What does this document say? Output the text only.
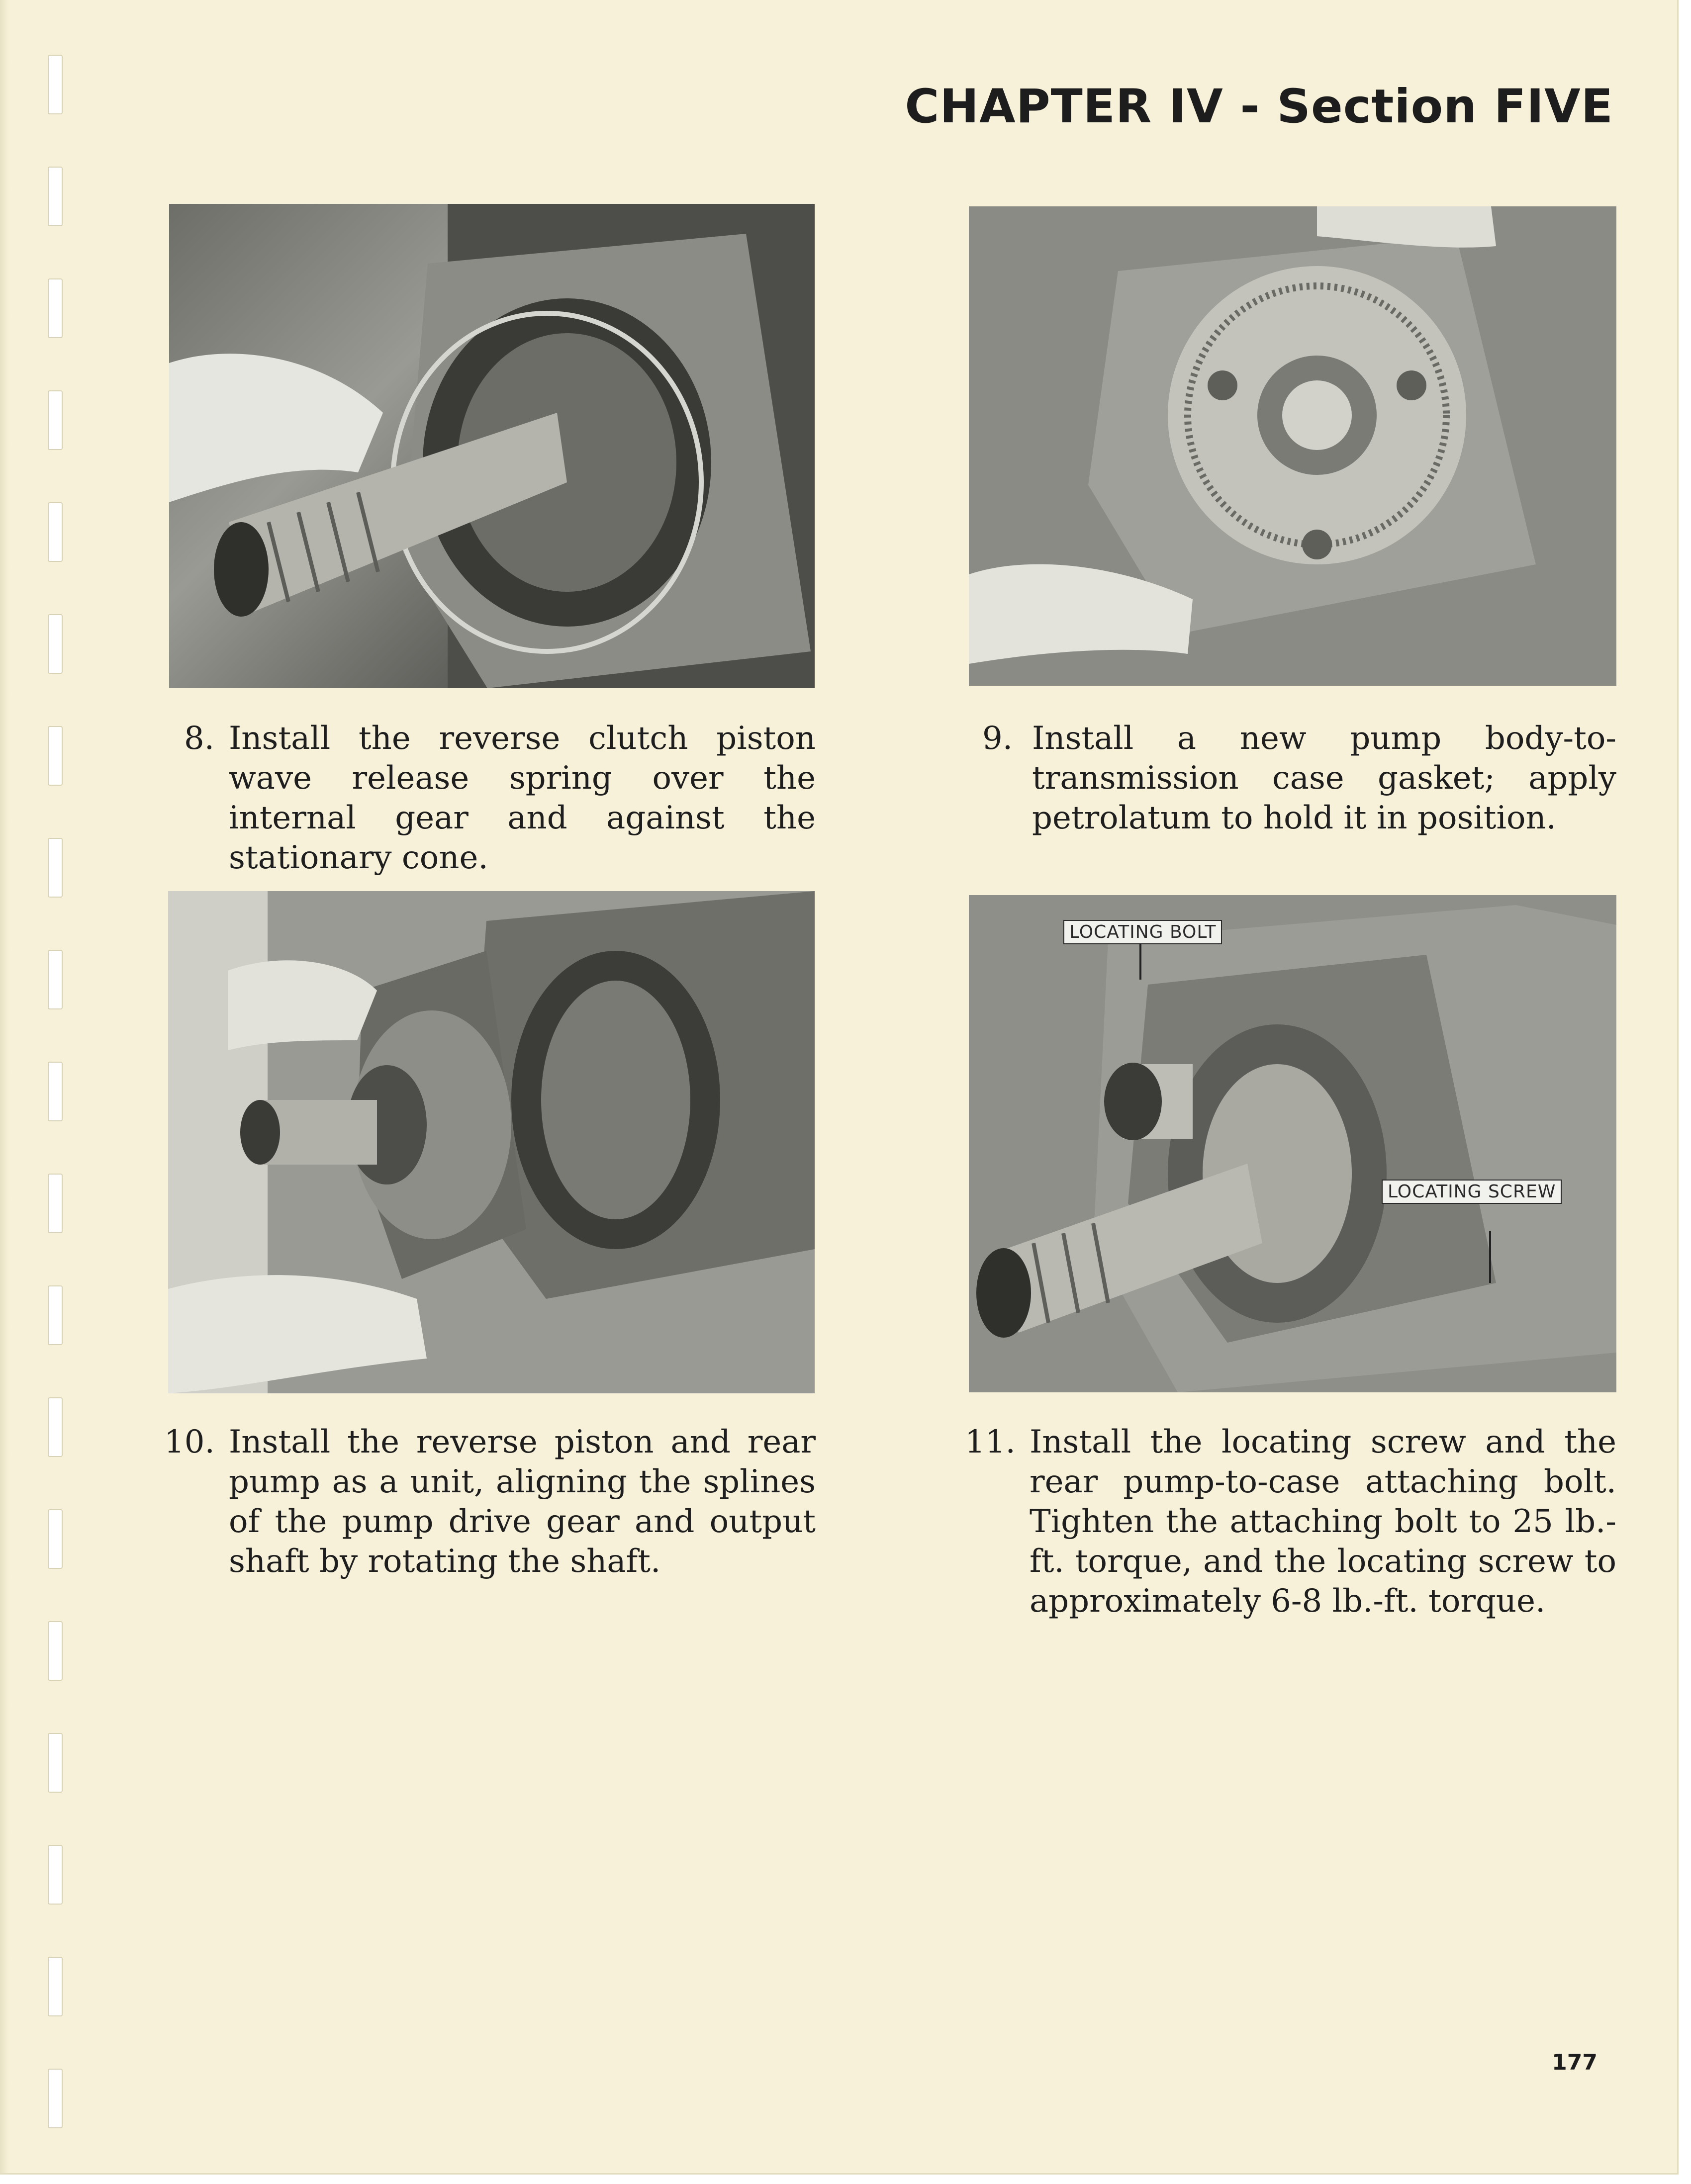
CHAPTER IV - Section FIVE
8. Install the reverse clutch piston wave release spring over the internal gear and against the stationary cone.
9. Install a new pump body-to-transmission case gasket; apply petrolatum to hold it in position.
LOCATING BOLT
LOCATING SCREW
10. Install the reverse piston and rear pump as a unit, aligning the splines of the pump drive gear and output shaft by rotating the shaft.
11. Install the locating screw and the rear pump-to-case attaching bolt. Tighten the attaching bolt to 25 lb.-ft. torque, and the locating screw to approximately 6-8 lb.-ft. torque.
177
